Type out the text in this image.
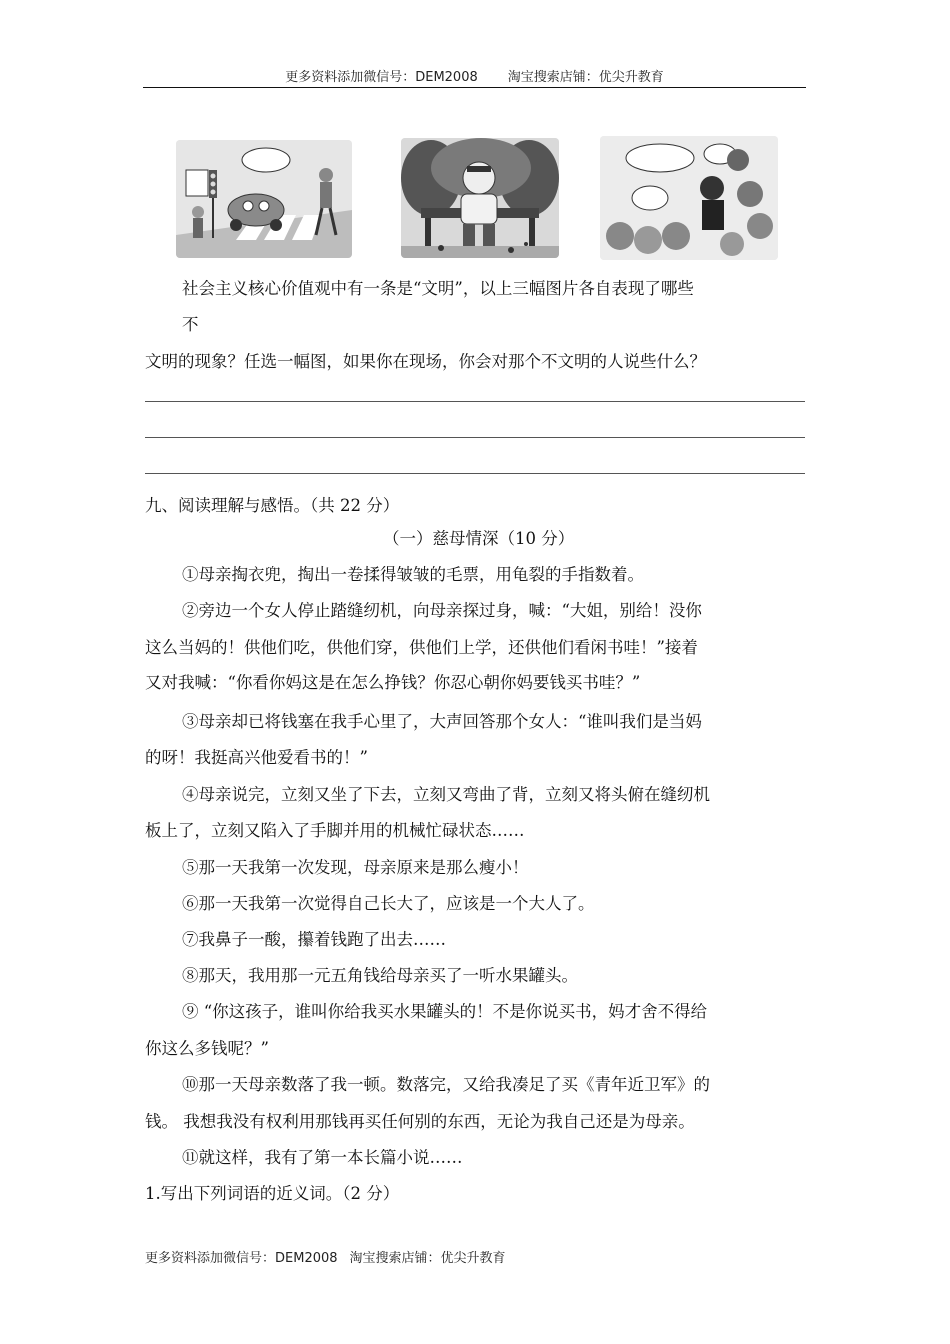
更多资料添加微信号：DEM2008 淘宝搜索店铺：优尖升教育
社会主义核心价值观中有一条是“文明”，以上三幅图片各自表现了哪些
不
文明的现象？任选一幅图，如果你在现场，你会对那个不文明的人说些什么？
九、阅读理解与感悟。（共 22 分）
（一）慈母情深（10 分）
①母亲掏衣兜，掏出一卷揉得皱皱的毛票，用龟裂的手指数着。
②旁边一个女人停止踏缝纫机，向母亲探过身，喊：“大姐，别给！没你
这么当妈的！供他们吃，供他们穿，供他们上学，还供他们看闲书哇！”接着
又对我喊：“你看你妈这是在怎么挣钱？你忍心朝你妈要钱买书哇？”
③母亲却已将钱塞在我手心里了，大声回答那个女人：“谁叫我们是当妈
的呀！我挺高兴他爱看书的！”
④母亲说完，立刻又坐了下去，立刻又弯曲了背，立刻又将头俯在缝纫机
板上了，立刻又陷入了手脚并用的机械忙碌状态……
⑤那一天我第一次发现，母亲原来是那么瘦小！
⑥那一天我第一次觉得自己长大了，应该是一个大人了。
⑦我鼻子一酸，攥着钱跑了出去……
⑧那天，我用那一元五角钱给母亲买了一听水果罐头。
⑨ “你这孩子，谁叫你给我买水果罐头的！不是你说买书，妈才舍不得给
你这么多钱呢？”
⑩那一天母亲数落了我一顿。数落完，又给我凑足了买《青年近卫军》的
钱。 我想我没有权利用那钱再买任何别的东西，无论为我自己还是为母亲。
⑪就这样，我有了第一本长篇小说……
1.写出下列词语的近义词。（2 分）
更多资料添加微信号：DEM2008 淘宝搜索店铺：优尖升教育
